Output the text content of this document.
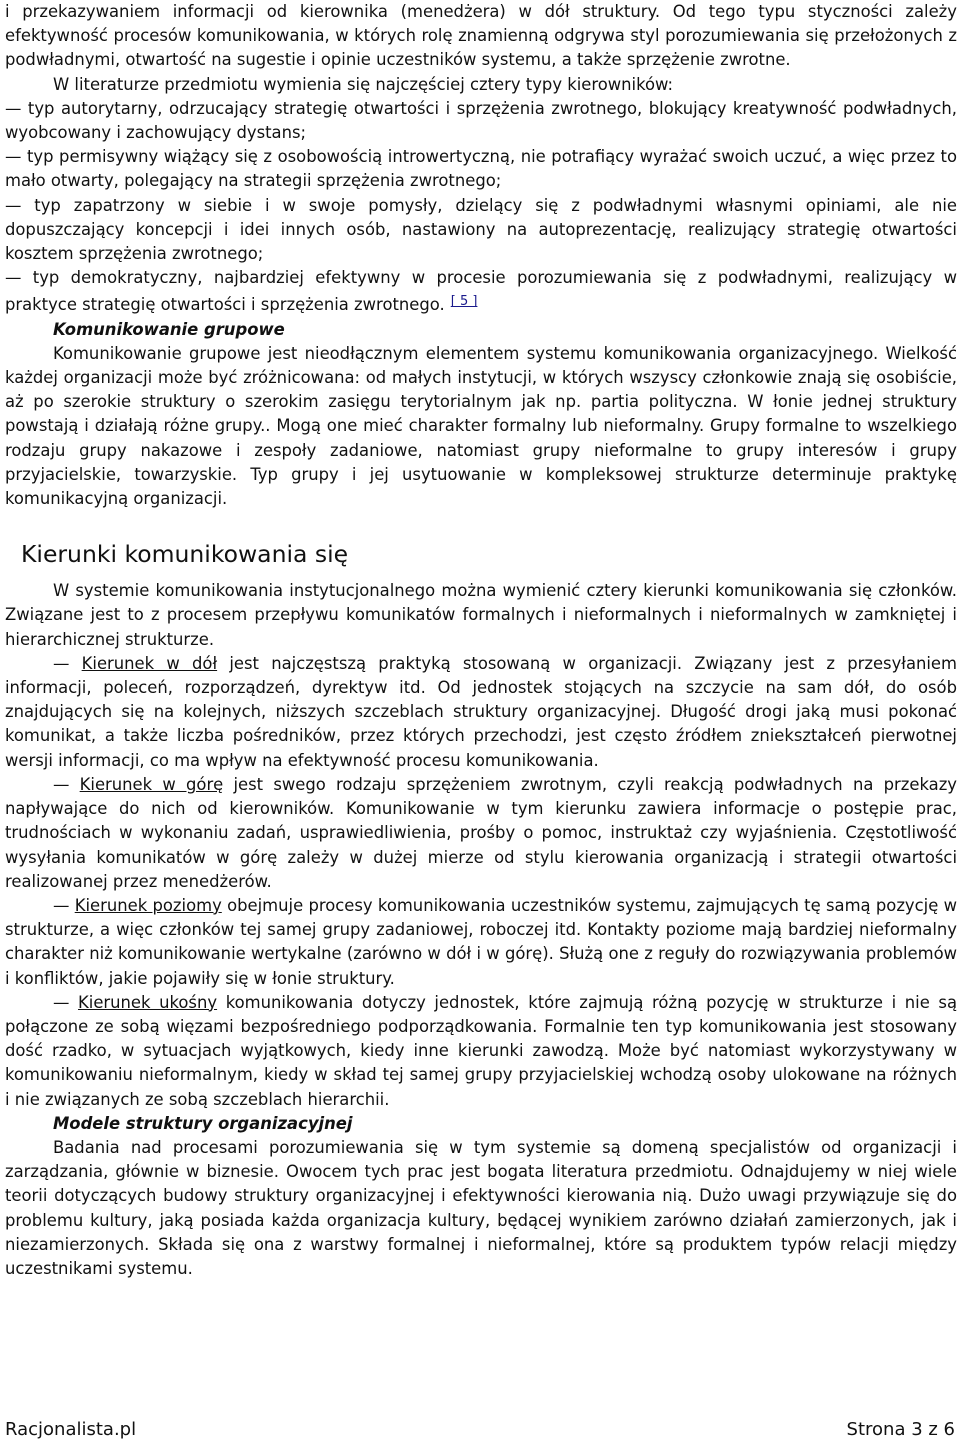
i przekazywaniem informacji od kierownika (menedżera) w dół struktury. Od tego typu styczności zależy efektywność procesów komunikowania, w których rolę znamienną odgrywa styl porozumiewania się przełożonych z podwładnymi, otwartość na sugestie i opinie uczestników systemu, a także sprzężenie zwrotne.

W literaturze przedmiotu wymienia się najczęściej cztery typy kierowników:

— typ autorytarny, odrzucający strategię otwartości i sprzężenia zwrotnego, blokujący kreatywność podwładnych, wyobcowany i zachowujący dystans;

— typ permisywny wiążący się z osobowością introwertyczną, nie potrafiący wyrażać swoich uczuć, a więc przez to mało otwarty, polegający na strategii sprzężenia zwrotnego;

— typ zapatrzony w siebie i w swoje pomysły, dzielący się z podwładnymi własnymi opiniami, ale nie dopuszczający koncepcji i idei innych osób, nastawiony na autoprezentację, realizujący strategię otwartości kosztem sprzężenia zwrotnego;

— typ demokratyczny, najbardziej efektywny w procesie porozumiewania się z podwładnymi, realizujący w praktyce strategię otwartości i sprzężenia zwrotnego. [ 5 ]

Komunikowanie grupowe

Komunikowanie grupowe jest nieodłącznym elementem systemu komunikowania organizacyjnego. Wielkość każdej organizacji może być zróżnicowana: od małych instytucji, w których wszyscy członkowie znają się osobiście, aż po szerokie struktury o szerokim zasięgu terytorialnym jak np. partia polityczna. W łonie jednej struktury powstają i działają różne grupy.. Mogą one mieć charakter formalny lub nieformalny. Grupy formalne to wszelkiego rodzaju grupy nakazowe i zespoły zadaniowe, natomiast grupy nieformalne to grupy interesów i grupy przyjacielskie, towarzyskie. Typ grupy i jej usytuowanie w kompleksowej strukturze determinuje praktykę komunikacyjną organizacji.

Kierunki komunikowania się

W systemie komunikowania instytucjonalnego można wymienić cztery kierunki komunikowania się członków. Związane jest to z procesem przepływu komunikatów formalnych i nieformalnych i nieformalnych w zamkniętej i hierarchicznej strukturze.

— Kierunek w dół jest najczęstszą praktyką stosowaną w organizacji. Związany jest z przesyłaniem informacji, poleceń, rozporządzeń, dyrektyw itd. Od jednostek stojących na szczycie na sam dół, do osób znajdujących się na kolejnych, niższych szczeblach struktury organizacyjnej. Długość drogi jaką musi pokonać komunikat, a także liczba pośredników, przez których przechodzi, jest często źródłem zniekształceń pierwotnej wersji informacji, co ma wpływ na efektywność procesu komunikowania.

— Kierunek w górę jest swego rodzaju sprzężeniem zwrotnym, czyli reakcją podwładnych na przekazy napływające do nich od kierowników. Komunikowanie w tym kierunku zawiera informacje o postępie prac, trudnościach w wykonaniu zadań, usprawiedliwienia, prośby o pomoc, instruktaż czy wyjaśnienia. Częstotliwość wysyłania komunikatów w górę zależy w dużej mierze od stylu kierowania organizacją i strategii otwartości realizowanej przez menedżerów.

— Kierunek poziomy obejmuje procesy komunikowania uczestników systemu, zajmujących tę samą pozycję w strukturze, a więc członków tej samej grupy zadaniowej, roboczej itd. Kontakty poziome mają bardziej nieformalny charakter niż komunikowanie wertykalne (zarówno w dół i w górę). Służą one z reguły do rozwiązywania problemów i konfliktów, jakie pojawiły się w łonie struktury.

— Kierunek ukośny komunikowania dotyczy jednostek, które zajmują różną pozycję w strukturze i nie są połączone ze sobą więzami bezpośredniego podporządkowania. Formalnie ten typ komunikowania jest stosowany dość rzadko, w sytuacjach wyjątkowych, kiedy inne kierunki zawodzą. Może być natomiast wykorzystywany w komunikowaniu nieformalnym, kiedy w skład tej samej grupy przyjacielskiej wchodzą osoby ulokowane na różnych i nie związanych ze sobą szczeblach hierarchii.

Modele struktury organizacyjnej

Badania nad procesami porozumiewania się w tym systemie są domeną specjalistów od organizacji i zarządzania, głównie w biznesie. Owocem tych prac jest bogata literatura przedmiotu. Odnajdujemy w niej wiele teorii dotyczących budowy struktury organizacyjnej i efektywności kierowania nią. Dużo uwagi przywiązuje się do problemu kultury, jaką posiada każda organizacja kultury, będącej wynikiem zarówno działań zamierzonych, jak i niezamierzonych. Składa się ona z warstwy formalnej i nieformalnej, które są produktem typów relacji między uczestnikami systemu.

Racjonalista.pl	Strona 3 z 6
